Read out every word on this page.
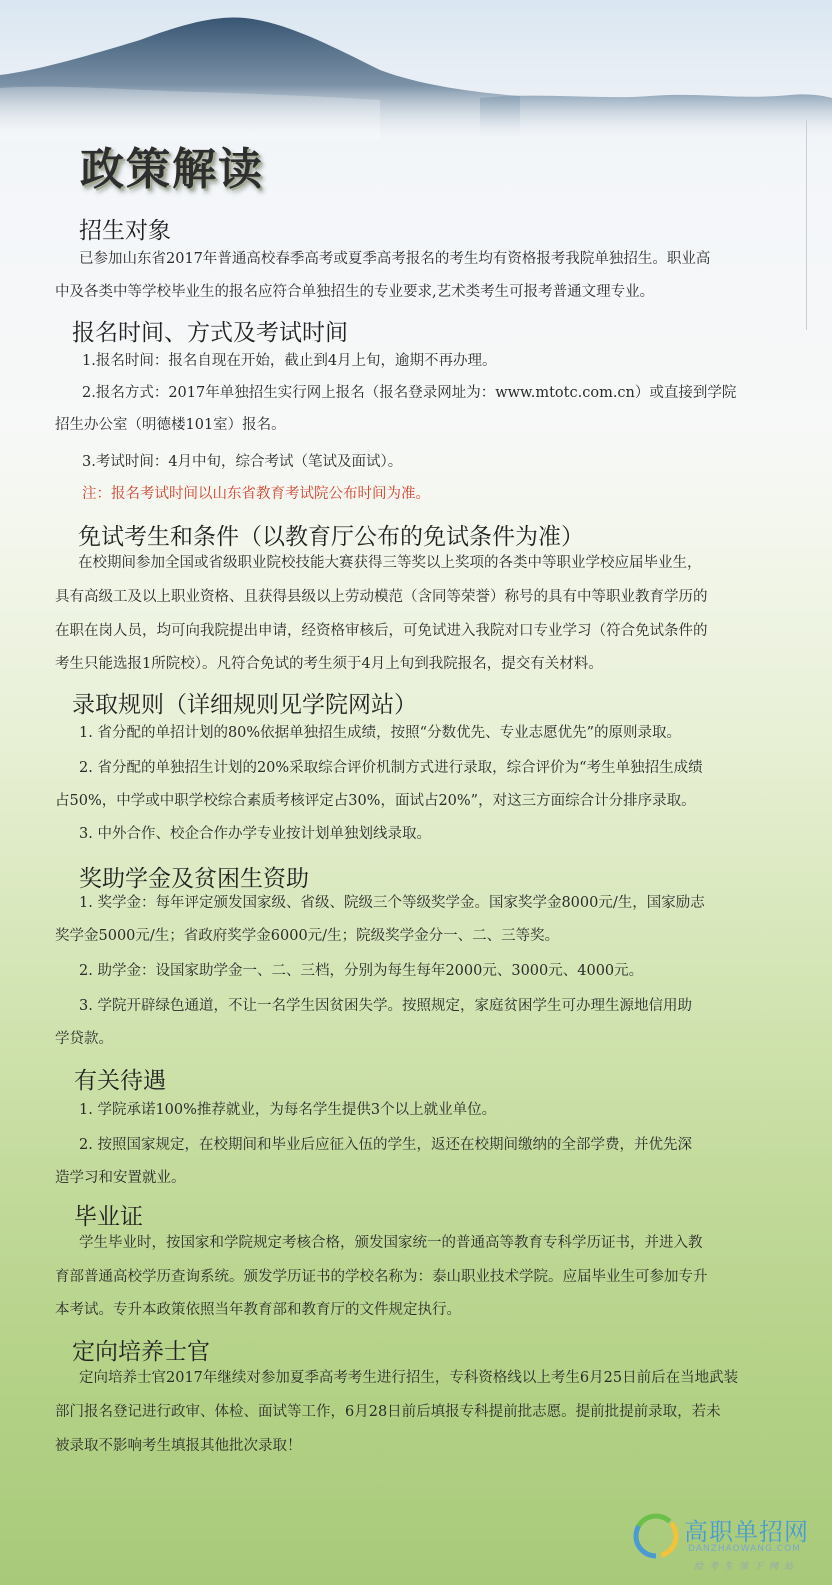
政策解读
招生对象

已参加山东省2017年普通高校春季高考或夏季高考报名的考生均有资格报考我院单独招生。职业高

中及各类中等学校毕业生的报名应符合单独招生的专业要求,艺术类考生可报考普通文理专业。

报名时间、方式及考试时间

1.报名时间：报名自现在开始，截止到4月上旬，逾期不再办理。

2.报名方式：2017年单独招生实行网上报名（报名登录网址为：www.mtotc.com.cn）或直接到学院

招生办公室（明德楼101室）报名。

3.考试时间：4月中旬，综合考试（笔试及面试）。

注：报名考试时间以山东省教育考试院公布时间为准。

免试考生和条件（以教育厅公布的免试条件为准）

在校期间参加全国或省级职业院校技能大赛获得三等奖以上奖项的各类中等职业学校应届毕业生，

具有高级工及以上职业资格、且获得县级以上劳动模范（含同等荣誉）称号的具有中等职业教育学历的

在职在岗人员，均可向我院提出申请，经资格审核后，可免试进入我院对口专业学习（符合免试条件的

考生只能选报1所院校）。凡符合免试的考生须于4月上旬到我院报名，提交有关材料。

录取规则（详细规则见学院网站）

1. 省分配的单招计划的80%依据单独招生成绩，按照“分数优先、专业志愿优先”的原则录取。

2. 省分配的单独招生计划的20%采取综合评价机制方式进行录取，综合评价为“考生单独招生成绩

占50%，中学或中职学校综合素质考核评定占30%，面试占20%”，对这三方面综合计分排序录取。

3. 中外合作、校企合作办学专业按计划单独划线录取。

奖助学金及贫困生资助

1. 奖学金：每年评定颁发国家级、省级、院级三个等级奖学金。国家奖学金8000元/生，国家励志

奖学金5000元/生；省政府奖学金6000元/生；院级奖学金分一、二、三等奖。

2. 助学金：设国家助学金一、二、三档，分别为每生每年2000元、3000元、4000元。

3. 学院开辟绿色通道，不让一名学生因贫困失学。按照规定，家庭贫困学生可办理生源地信用助

学贷款。

有关待遇

1. 学院承诺100%推荐就业，为每名学生提供3个以上就业单位。

2. 按照国家规定，在校期间和毕业后应征入伍的学生，返还在校期间缴纳的全部学费，并优先深

造学习和安置就业。

毕业证

学生毕业时，按国家和学院规定考核合格，颁发国家统一的普通高等教育专科学历证书，并进入教

育部普通高校学历查询系统。颁发学历证书的学校名称为：泰山职业技术学院。应届毕业生可参加专升

本考试。专升本政策依照当年教育部和教育厅的文件规定执行。

定向培养士官

定向培养士官2017年继续对参加夏季高考考生进行招生，专科资格线以上考生6月25日前后在当地武装

部门报名登记进行政审、体检、面试等工作，6月28日前后填报专科提前批志愿。提前批提前录取，若未

被录取不影响考生填报其他批次录取！

高职单招网
DANZHAOWANG.COM
给考生领下网站
